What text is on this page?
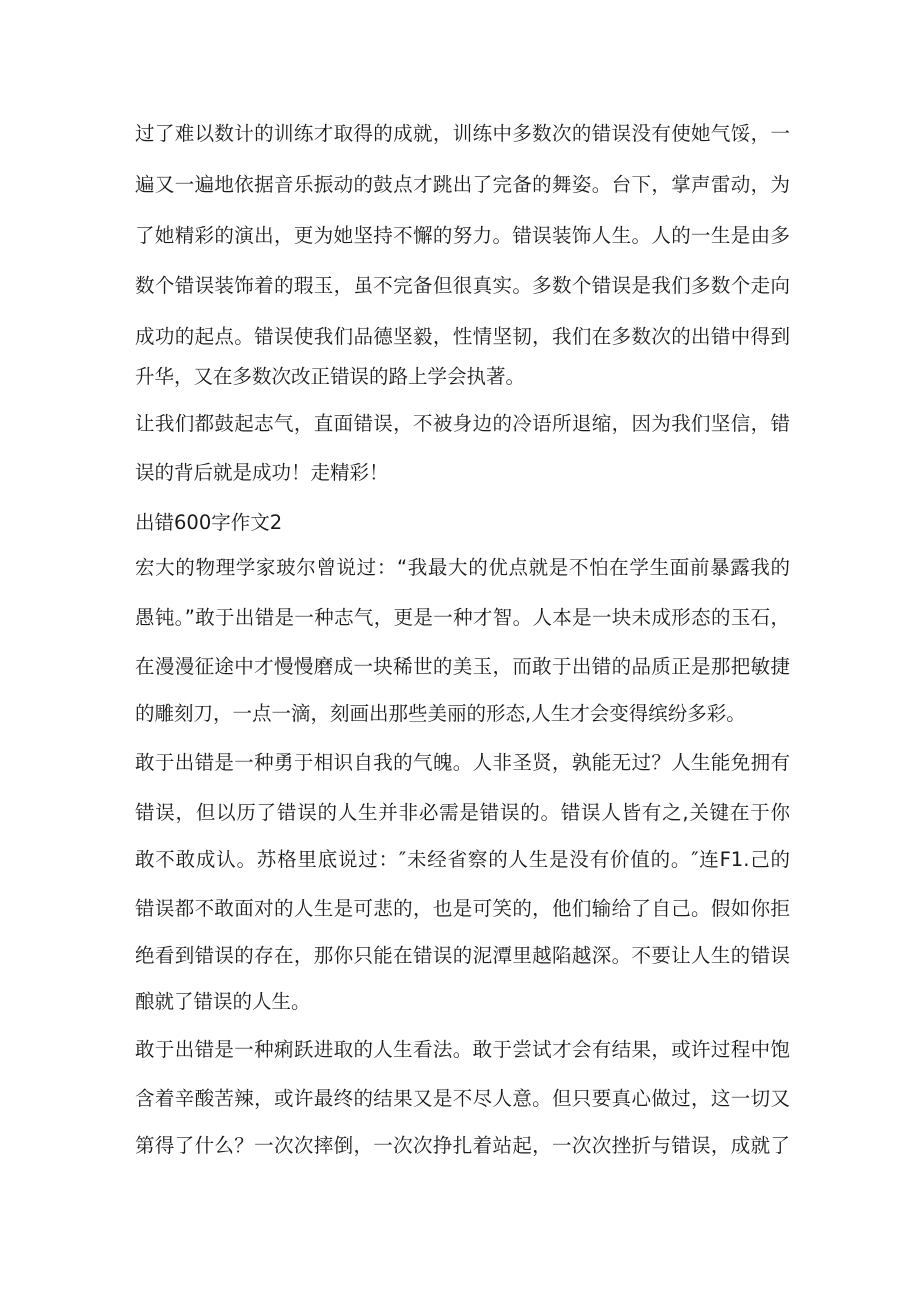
过了难以数计的训练才取得的成就，训练中多数次的错误没有使她气馁，一
遍又一遍地依据音乐振动的鼓点才跳出了完备的舞姿。台下，掌声雷动，为
了她精彩的演出，更为她坚持不懈的努力。错误装饰人生。人的一生是由多
数个错误装饰着的瑕玉，虽不完备但很真实。多数个错误是我们多数个走向
成功的起点。错误使我们品德坚毅，性情坚韧，我们在多数次的出错中得到
升华，又在多数次改正错误的路上学会执著。
让我们都鼓起志气，直面错误，不被身边的冷语所退缩，因为我们坚信，错
误的背后就是成功！走精彩！
出错600字作文2
宏大的物理学家玻尔曾说过：“我最大的优点就是不怕在学生面前暴露我的
愚钝。”敢于出错是一种志气，更是一种才智。人本是一块未成形态的玉石，
在漫漫征途中才慢慢磨成一块稀世的美玉，而敢于出错的品质正是那把敏捷
的雕刻刀，一点一滴，刻画出那些美丽的形态,人生才会变得缤纷多彩。
敢于出错是一种勇于相识自我的气魄。人非圣贤，孰能无过？人生能免拥有
错误，但以历了错误的人生并非必需是错误的。错误人皆有之,关键在于你
敢不敢成认。苏格里底说过：″未经省察的人生是没有价值的。″连F1.己的
错误都不敢面对的人生是可悲的，也是可笑的，他们输给了自己。假如你拒
绝看到错误的存在，那你只能在错误的泥潭里越陷越深。不要让人生的错误
酿就了错误的人生。
敢于出错是一种痢跃进取的人生看法。敢于尝试才会有结果，或许过程中饱
含着辛酸苦辣，或许最终的结果又是不尽人意。但只要真心做过，这一切又
第得了什么？一次次摔倒，一次次挣扎着站起，一次次挫折与错误，成就了
